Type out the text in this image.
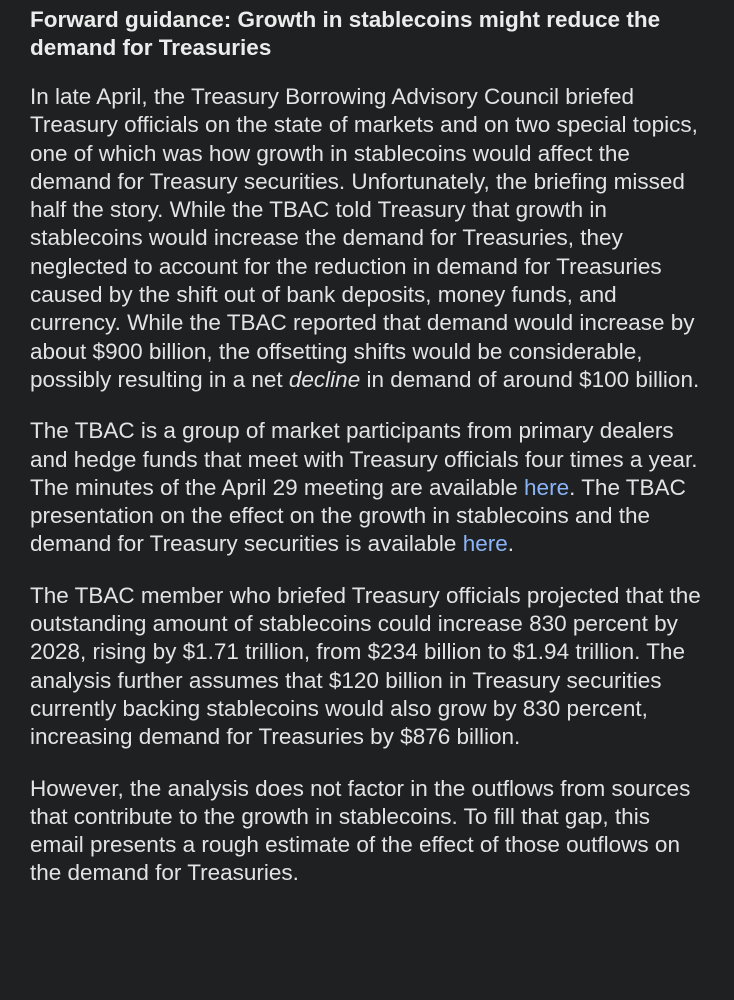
Forward guidance: Growth in stablecoins might reduce the demand for Treasuries

In late April, the Treasury Borrowing Advisory Council briefed Treasury officials on the state of markets and on two special topics, one of which was how growth in stablecoins would affect the demand for Treasury securities. Unfortunately, the briefing missed half the story. While the TBAC told Treasury that growth in stablecoins would increase the demand for Treasuries, they neglected to account for the reduction in demand for Treasuries caused by the shift out of bank deposits, money funds, and currency. While the TBAC reported that demand would increase by about $900 billion, the offsetting shifts would be considerable, possibly resulting in a net decline in demand of around $100 billion.

The TBAC is a group of market participants from primary dealers and hedge funds that meet with Treasury officials four times a year. The minutes of the April 29 meeting are available here. The TBAC presentation on the effect on the growth in stablecoins and the demand for Treasury securities is available here.

The TBAC member who briefed Treasury officials projected that the outstanding amount of stablecoins could increase 830 percent by 2028, rising by $1.71 trillion, from $234 billion to $1.94 trillion. The analysis further assumes that $120 billion in Treasury securities currently backing stablecoins would also grow by 830 percent, increasing demand for Treasuries by $876 billion.

However, the analysis does not factor in the outflows from sources that contribute to the growth in stablecoins. To fill that gap, this email presents a rough estimate of the effect of those outflows on the demand for Treasuries.
